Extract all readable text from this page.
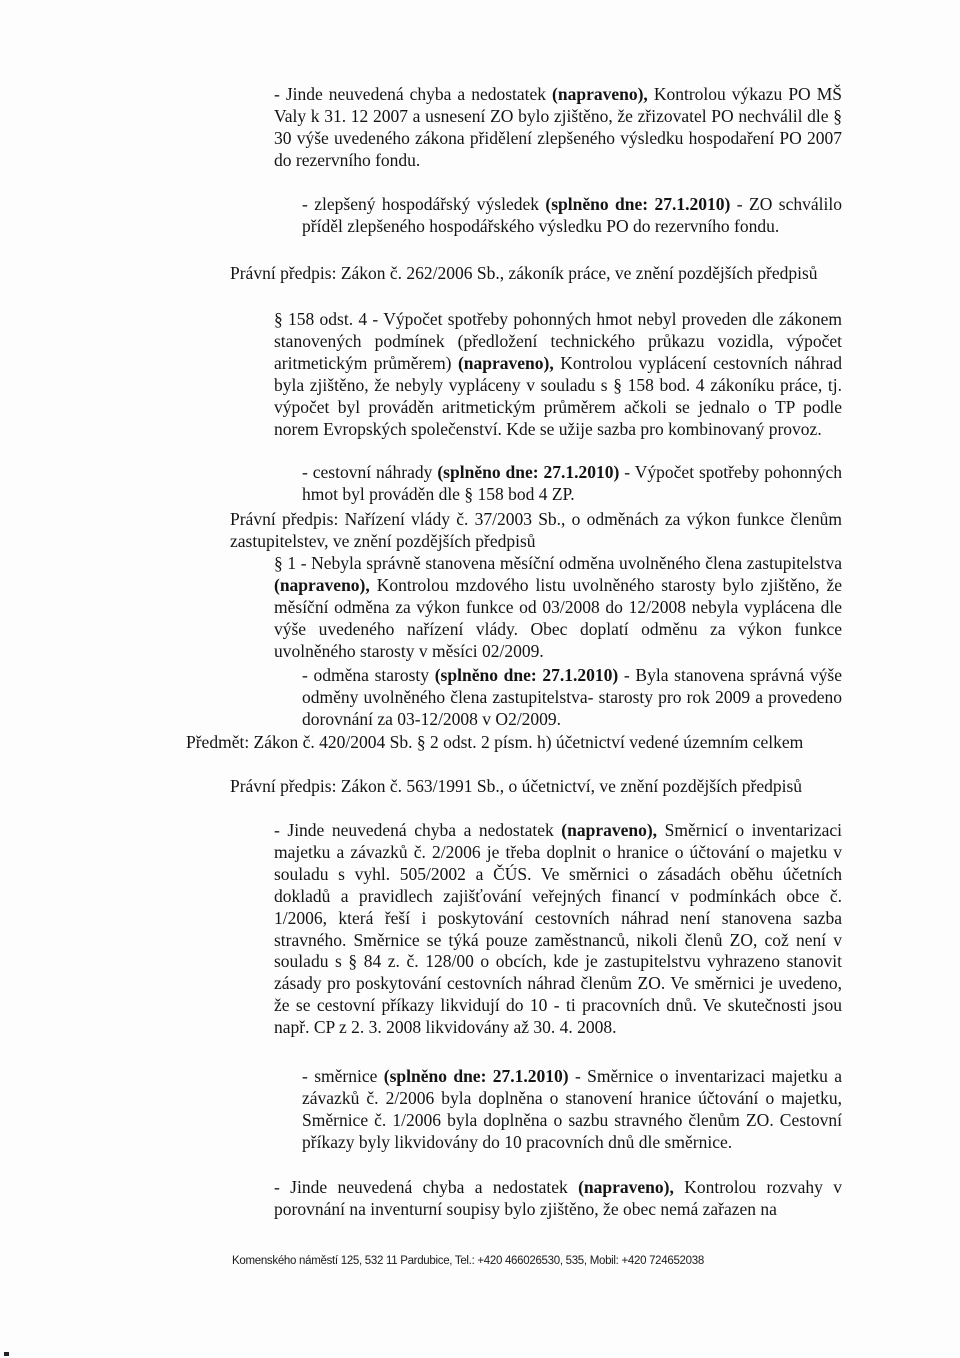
- Jinde neuvedená chyba a nedostatek (napraveno), Kontrolou výkazu PO MŠ Valy k 31. 12 2007 a usnesení ZO bylo zjištěno, že zřizovatel PO nechválil dle § 30 výše uvedeného zákona přidělení zlepšeného výsledku hospodaření PO 2007 do rezervního fondu.

- zlepšený hospodářský výsledek (splněno dne: 27.1.2010) - ZO schválilo příděl zlepšeného hospodářského výsledku PO do rezervního fondu.

Právní předpis: Zákon č. 262/2006 Sb., zákoník práce, ve znění pozdějších předpisů

§ 158 odst. 4 - Výpočet spotřeby pohonných hmot nebyl proveden dle zákonem stanovených podmínek (předložení technického průkazu vozidla, výpočet aritmetickým průměrem) (napraveno), Kontrolou vyplácení cestovních náhrad byla zjištěno, že nebyly vypláceny v souladu s § 158 bod. 4 zákoníku práce, tj. výpočet byl prováděn aritmetickým průměrem ačkoli se jednalo o TP podle norem Evropských společenství. Kde se užije sazba pro kombinovaný provoz.

- cestovní náhrady (splněno dne: 27.1.2010) - Výpočet spotřeby pohonných hmot byl prováděn dle § 158 bod 4 ZP.

Právní předpis: Nařízení vlády č. 37/2003 Sb., o odměnách za výkon funkce členům zastupitelstev, ve znění pozdějších předpisů

§ 1 - Nebyla správně stanovena měsíční odměna uvolněného člena zastupitelstva (napraveno), Kontrolou mzdového listu uvolněného starosty bylo zjištěno, že měsíční odměna za výkon funkce od 03/2008 do 12/2008 nebyla vyplácena dle výše uvedeného nařízení vlády. Obec doplatí odměnu za výkon funkce uvolněného starosty v měsíci 02/2009.

- odměna starosty (splněno dne: 27.1.2010) - Byla stanovena správná výše odměny uvolněného člena zastupitelstva- starosty pro rok 2009 a provedeno dorovnání za 03-12/2008 v O2/2009.

Předmět: Zákon č. 420/2004 Sb. § 2 odst. 2 písm. h) účetnictví vedené územním celkem

Právní předpis: Zákon č. 563/1991 Sb., o účetnictví, ve znění pozdějších předpisů

- Jinde neuvedená chyba a nedostatek (napraveno), Směrnicí o inventarizaci majetku a závazků č. 2/2006 je třeba doplnit o hranice o účtování o majetku v souladu s vyhl. 505/2002 a ČÚS. Ve směrnici o zásadách oběhu účetních dokladů a pravidlech zajišťování veřejných financí v podmínkách obce č. 1/2006, která řeší i poskytování cestovních náhrad není stanovena sazba stravného. Směrnice se týká pouze zaměstnanců, nikoli členů ZO, což není v souladu s § 84 z. č. 128/00 o obcích, kde je zastupitelstvu vyhrazeno stanovit zásady pro poskytování cestovních náhrad členům ZO. Ve směrnici je uvedeno, že se cestovní příkazy likvidují do 10 - ti pracovních dnů. Ve skutečnosti jsou např. CP z 2. 3. 2008 likvidovány až 30. 4. 2008.

- směrnice (splněno dne: 27.1.2010) - Směrnice o inventarizaci majetku a závazků č. 2/2006 byla doplněna o stanovení hranice účtování o majetku, Směrnice č. 1/2006 byla doplněna o sazbu stravného členům ZO. Cestovní příkazy byly likvidovány do 10 pracovních dnů dle směrnice.

- Jinde neuvedená chyba a nedostatek (napraveno), Kontrolou rozvahy v porovnání na inventurní soupisy bylo zjištěno, že obec nemá zařazen na

Komenského náměstí 125, 532 11 Pardubice, Tel.: +420 466026530, 535, Mobil: +420 724652038
